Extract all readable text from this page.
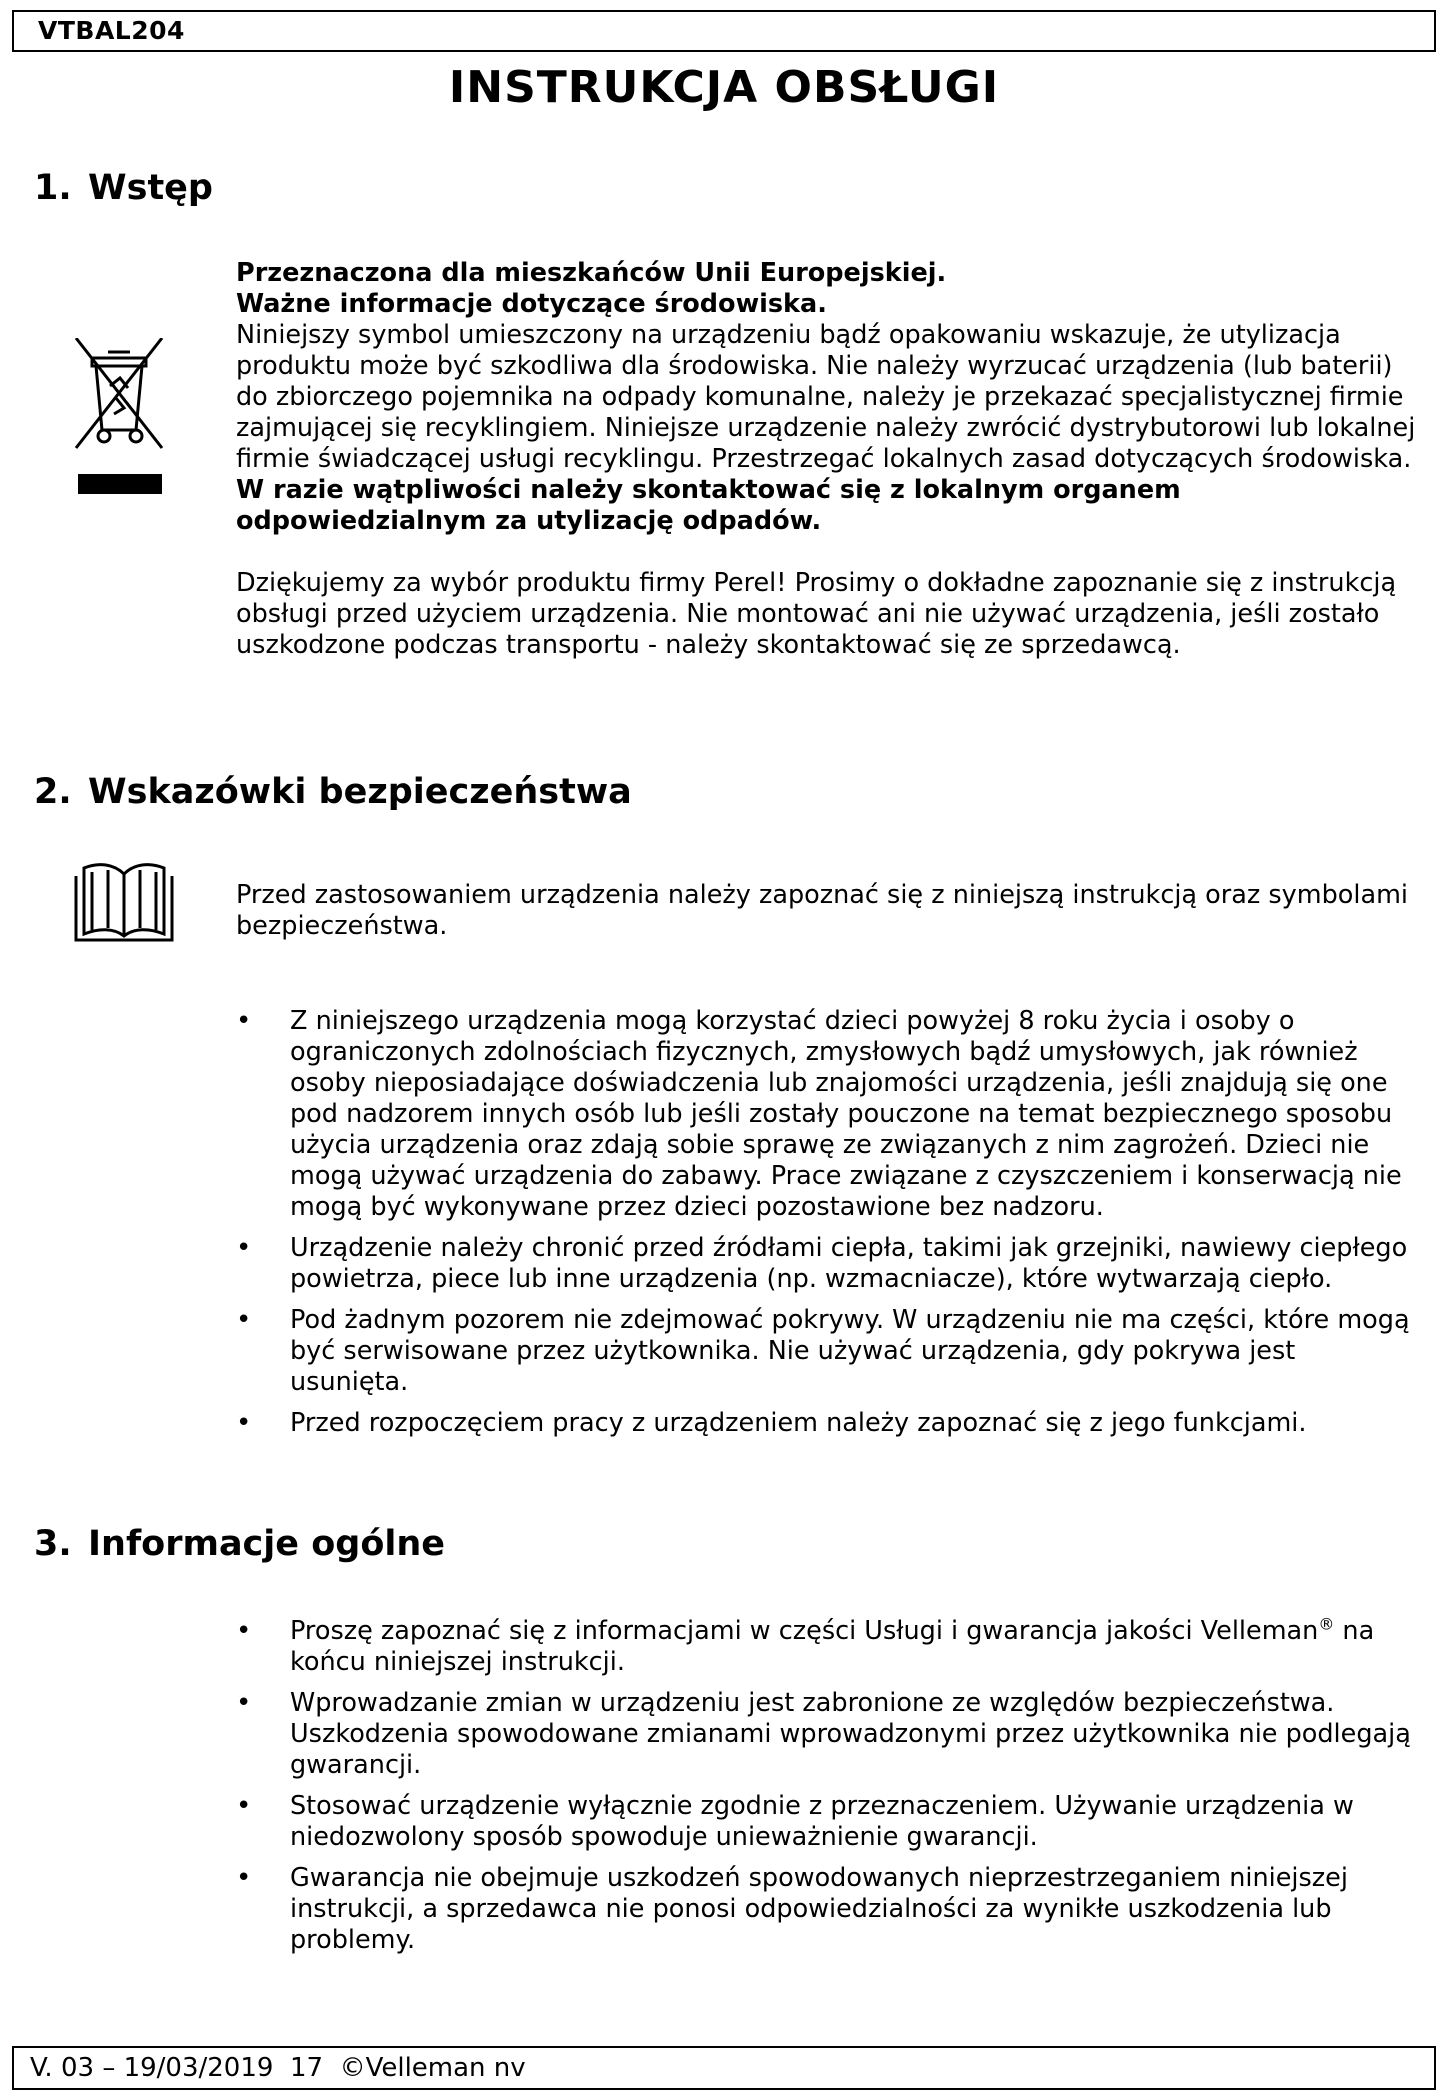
VTBAL204
INSTRUKCJA OBSŁUGI
1. Wstęp

Przeznaczona dla mieszkańców Unii Europejskiej.

Ważne informacje dotyczące środowiska.

Niniejszy symbol umieszczony na urządzeniu bądź opakowaniu wskazuje, że utylizacja produktu może być szkodliwa dla środowiska. Nie należy wyrzucać urządzenia (lub baterii) do zbiorczego pojemnika na odpady komunalne, należy je przekazać specjalistycznej firmie zajmującej się recyklingiem. Niniejsze urządzenie należy zwrócić dystrybutorowi lub lokalnej firmie świadczącej usługi recyklingu. Przestrzegać lokalnych zasad dotyczących środowiska.

W razie wątpliwości należy skontaktować się z lokalnym organem odpowiedzialnym za utylizację odpadów.

Dziękujemy za wybór produktu firmy Perel! Prosimy o dokładne zapoznanie się z instrukcją obsługi przed użyciem urządzenia. Nie montować ani nie używać urządzenia, jeśli zostało uszkodzone podczas transportu - należy skontaktować się ze sprzedawcą.

2. Wskazówki bezpieczeństwa
Przed zastosowaniem urządzenia należy zapoznać się z niniejszą instrukcją oraz symbolami bezpieczeństwa.
• Z niniejszego urządzenia mogą korzystać dzieci powyżej 8 roku życia i osoby o ograniczonych zdolnościach fizycznych, zmysłowych bądź umysłowych, jak również osoby nieposiadające doświadczenia lub znajomości urządzenia, jeśli znajdują się one pod nadzorem innych osób lub jeśli zostały pouczone na temat bezpiecznego sposobu użycia urządzenia oraz zdają sobie sprawę ze związanych z nim zagrożeń. Dzieci nie mogą używać urządzenia do zabawy. Prace związane z czyszczeniem i konserwacją nie mogą być wykonywane przez dzieci pozostawione bez nadzoru.
• Urządzenie należy chronić przed źródłami ciepła, takimi jak grzejniki, nawiewy ciepłego powietrza, piece lub inne urządzenia (np. wzmacniacze), które wytwarzają ciepło.
• Pod żadnym pozorem nie zdejmować pokrywy. W urządzeniu nie ma części, które mogą być serwisowane przez użytkownika. Nie używać urządzenia, gdy pokrywa jest usunięta.
• Przed rozpoczęciem pracy z urządzeniem należy zapoznać się z jego funkcjami.
3. Informacje ogólne
• Proszę zapoznać się z informacjami w części Usługi i gwarancja jakości Velleman® na końcu niniejszej instrukcji.
• Wprowadzanie zmian w urządzeniu jest zabronione ze względów bezpieczeństwa. Uszkodzenia spowodowane zmianami wprowadzonymi przez użytkownika nie podlegają gwarancji.
• Stosować urządzenie wyłącznie zgodnie z przeznaczeniem. Używanie urządzenia w niedozwolony sposób spowoduje unieważnienie gwarancji.
• Gwarancja nie obejmuje uszkodzeń spowodowanych nieprzestrzeganiem niniejszej instrukcji, a sprzedawca nie ponosi odpowiedzialności za wynikłe uszkodzenia lub problemy.
V. 03 – 19/03/2019  17  ©Velleman nv
